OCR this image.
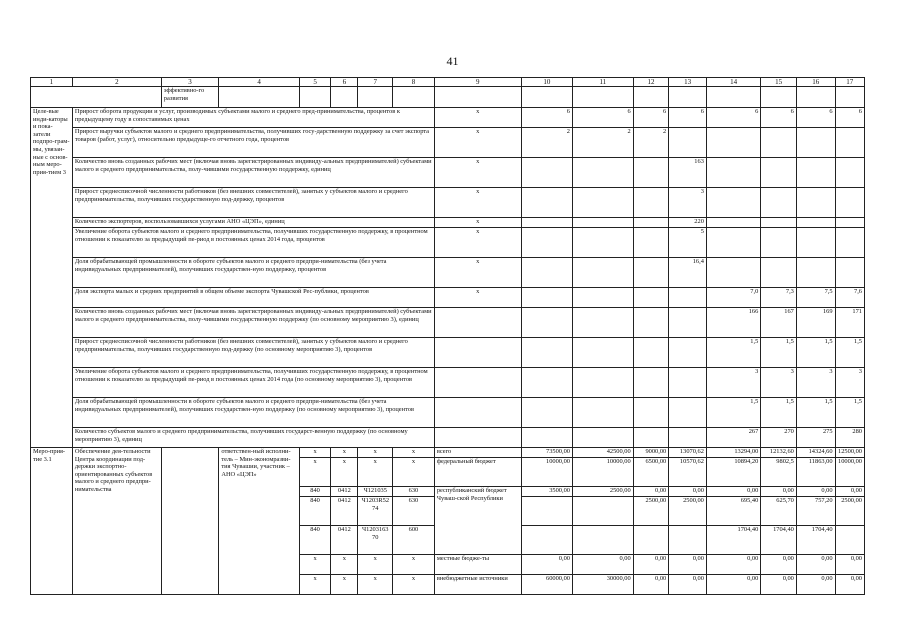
41
1	2	3	4	5	6	7	8	9	10	11	12	13	14	15	16	17
		эффективно-го развития														
Целе-вые инди-каторы и пока-затели подпро-грам-мы, увязан-ные с основ-ным меро-прия-тием 3	Прирост оборота продукции и услуг, производимых субъектами малого и среднего пред-принимательства, процентов к предыдущему году в сопоставимых ценах							х	6	6	6	6	6	6	6	6
	Прирост выручки субъектов малого и среднего предпринимательства, получивших госу-дарственную поддержку за счет экспорта товаров (работ, услуг), относительно предыдуще-го отчетного года, процентов							х	2	2	2					
	Количество вновь созданных рабочих мест (включая вновь зарегистрированных индивиду-альных предпринимателей) субъектами малого и среднего предпринимательства, полу-чившими государственную поддержку, единиц							х				163				
	Прирост среднесписочной численности работников (без внешних совместителей), занятых у субъектов малого и среднего предпринимательства, получивших государственную под-держку, процентов							х				3				
	Количество экспортеров, воспользовавшихся услугами АНО «ЦЭП», единиц							х				220				
	Увеличение оборота субъектов малого и среднего предпринимательства, получивших государственную поддержку, в процентном отношении к показателю за предыдущий пе-риод в постоянных ценах 2014 года, процентов							х				5				
	Доля обрабатывающей промышленности в обороте субъектов малого и среднего предпри-нимательства (без учета индивидуальных предпринимателей), получивших государствен-ную поддержку, процентов							х				16,4				
	Доля экспорта малых и средних предприятий в общем объеме экспорта Чувашской Рес-публики, процентов							х					7,0	7,3	7,5	7,6
	Количество вновь созданных рабочих мест (включая вновь зарегистрированных индивиду-альных предпринимателей) субъектами малого и среднего предпринимательства, полу-чившими государственную поддержку (по основному мероприятию 3), единиц												166	167	169	171
	Прирост среднесписочной численности работников (без внешних совместителей), занятых у субъектов малого и среднего предпринимательства, получивших государственную под-держку (по основному мероприятию 3), процентов												1,5	1,5	1,5	1,5
	Увеличение оборота субъектов малого и среднего предпринимательства, получивших государственную поддержку, в процентном отношении к показателю за предыдущий пе-риод в постоянных ценах 2014 года (по основному мероприятию 3), процентов												3	3	3	3
	Доля обрабатывающей промышленности в обороте субъектов малого и среднего предпри-нимательства (без учета индивидуальных предпринимателей), получивших государствен-ную поддержку (по основному мероприятию 3), процентов												1,5	1,5	1,5	1,5
	Количество субъектов малого и среднего предпринимательства, получивших государст-венную поддержку (по основному мероприятию 3), единиц												267	270	275	280
Меро-прия-тие 3.1	Обеспечение дея-тельности Центра координации под-держки экспортно-ориентированных субъектов малого и среднего предпри-нимательства		ответствен-ный исполни-тель – Мин-экономразви-тия Чувашии, участник – АНО «ЦЭП»	х	х	х	х	всего	73500,00	42500,00	9000,00	13070,62	13294,00	12132,60	14324,60	12500,00
				х	х	х	х	федеральный бюджет	10000,00	10000,00	6500,00	10570,62	10894,20	9802,5	11863,00	10000,00
				840	0412	Ч121035	630	республиканский бюджет Чуваш-ской Республики	3500,00	2500,00	0,00	0,00	0,00	0,00	0,00	0,00
				840	0412	Ч1203R52 74	630				2500,00	2500,00	695,40	625,70	757,20	2500,00
				840	0412	Ч1203163 70	600						1704,40	1704,40	1704,40	
				х	х	х	х	местные бюдже-ты	0,00	0,00	0,00	0,00	0,00	0,00	0,00	0,00
				х	х	х	х	внебюджетные источники	60000,00	30000,00	0,00	0,00	0,00	0,00	0,00	0,00
